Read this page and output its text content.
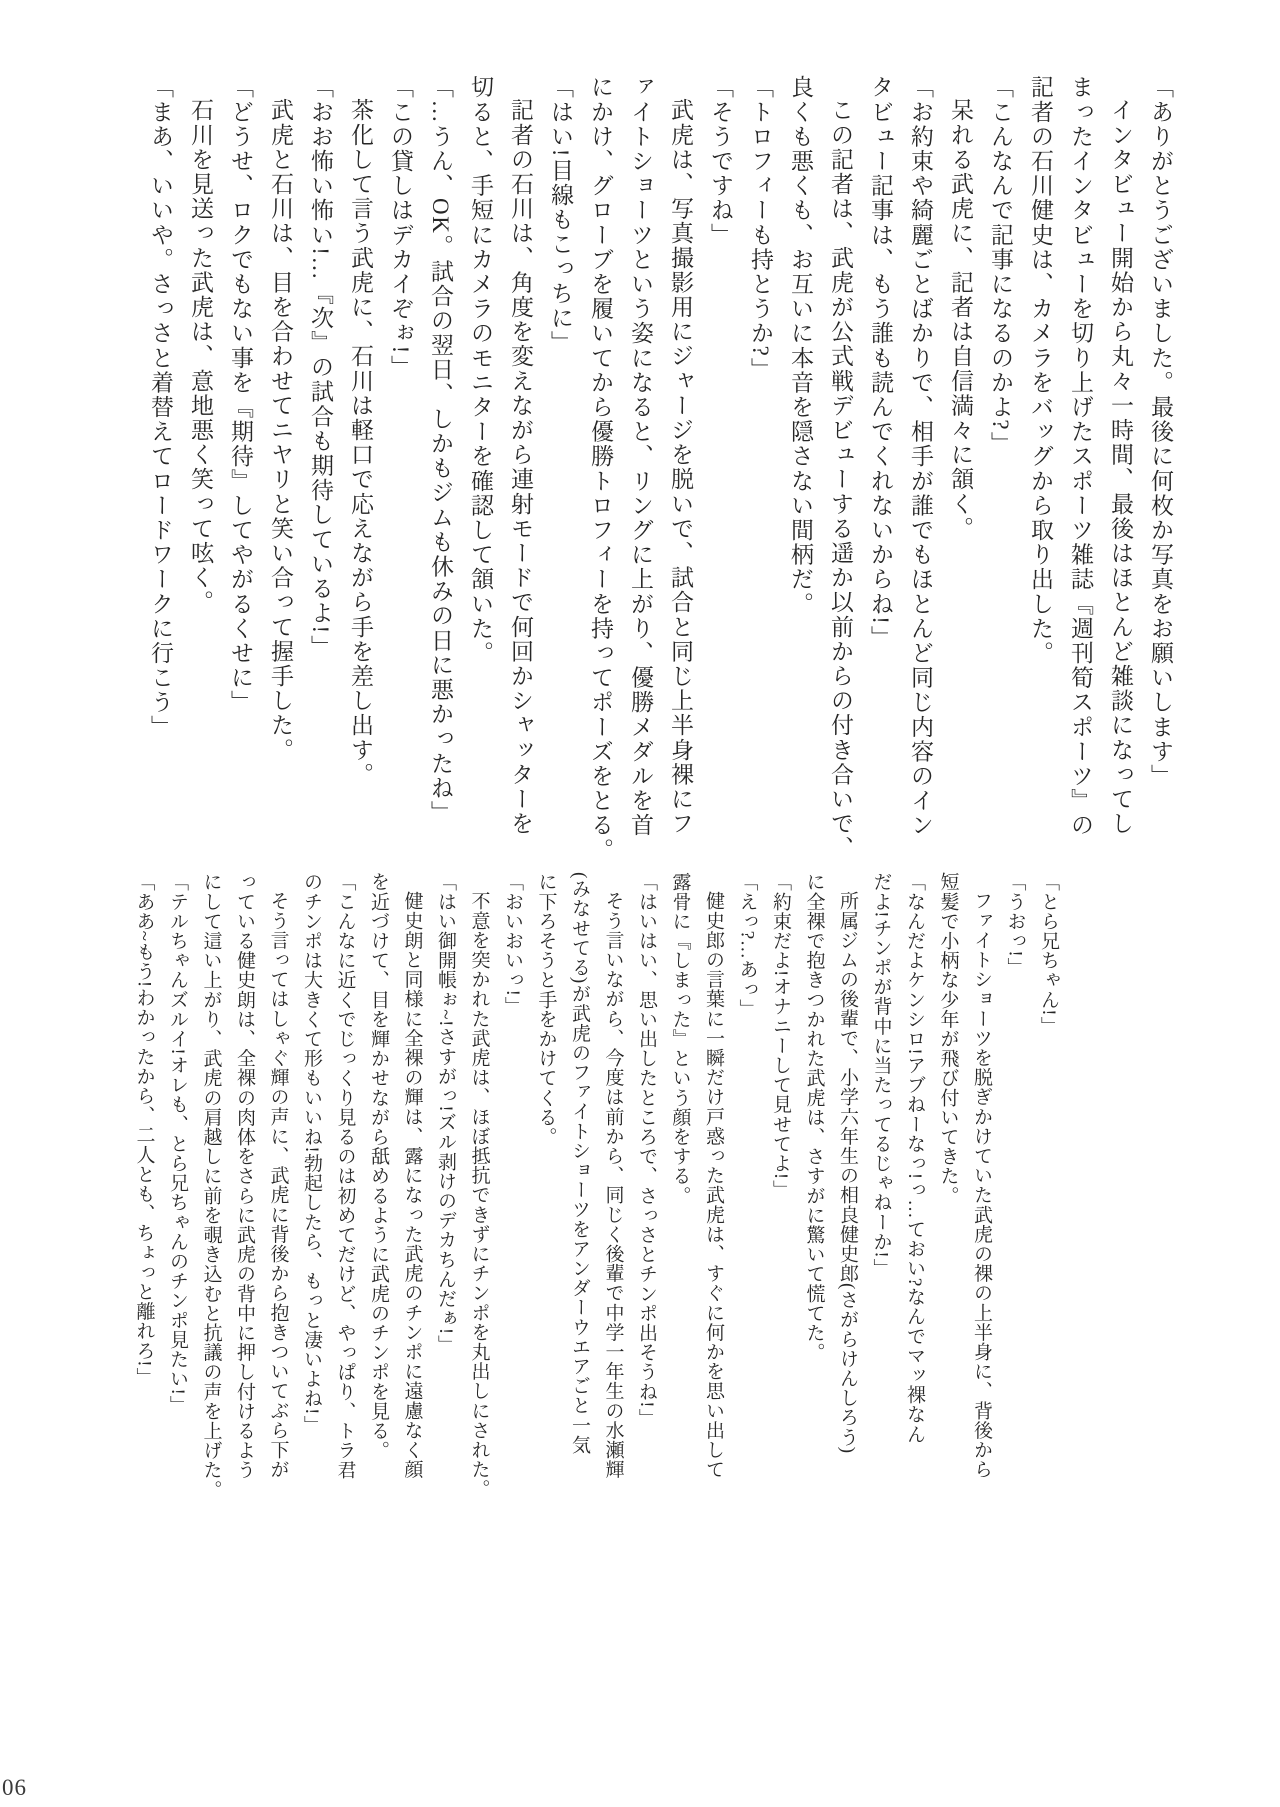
「ありがとうございました。最後に何枚か写真をお願いします」

インタビュー開始から丸々一時間、最後はほとんど雑談になってし
まったインタビューを切り上げたスポーツ雑誌『週刊筍スポーツ』の
記者の石川健史は、カメラをバッグから取り出した。

「こんなんで記事になるのかよ?」

呆れる武虎に、記者は自信満々に頷く。

「お約束や綺麗ごとばかりで、相手が誰でもほとんど同じ内容のイン
タビュー記事は、もう誰も読んでくれないからね!」

この記者は、武虎が公式戦デビューする遥か以前からの付き合いで、
良くも悪くも、お互いに本音を隠さない間柄だ。

「トロフィーも持とうか?」

「そうですね」

武虎は、写真撮影用にジャージを脱いで、試合と同じ上半身裸にフ
ァイトショーツという姿になると、リングに上がり、優勝メダルを首
にかけ、グローブを履いてから優勝トロフィーを持ってポーズをとる。

「はい!目線もこっちに」

記者の石川は、角度を変えながら連射モードで何回かシャッターを
切ると、手短にカメラのモニターを確認して頷いた。

「…うん、OK。試合の翌日、しかもジムも休みの日に悪かったね」

「この貸しはデカイぞぉ!」

茶化して言う武虎に、石川は軽口で応えながら手を差し出す。

「おお怖い怖い!…『次』の試合も期待しているよ!」

武虎と石川は、目を合わせてニヤリと笑い合って握手した。

「どうせ、ロクでもない事を『期待』してやがるくせに」

石川を見送った武虎は、意地悪く笑って呟く。

「まあ、いいや。さっさと着替えてロードワークに行こう」

「とら兄ちゃん!」

「うおっ!」

ファイトショーツを脱ぎかけていた武虎の裸の上半身に、背後から
短髪で小柄な少年が飛び付いてきた。

「なんだよケンシロ!アブねーなっ!っ…ておい?なんでマッ裸なん
だよ!チンポが背中に当たってるじゃねーか!」

所属ジムの後輩で、小学六年生の相良健史郎(さがらけんしろう)
に全裸で抱きつかれた武虎は、さすがに驚いて慌てた。

「約束だよ!オナニーして見せてよ!」

「えっ?…あっ」

健史郎の言葉に一瞬だけ戸惑った武虎は、すぐに何かを思い出して
露骨に『しまった』という顔をする。

「はいはい、思い出したところで、さっさとチンポ出そうね!」

そう言いながら、今度は前から、同じく後輩で中学一年生の水瀬輝
(みなせてる)が武虎のファイトショーツをアンダーウエアごと一気
に下ろそうと手をかけてくる。

「おいおいっ!」

不意を突かれた武虎は、ほぼ抵抗できずにチンポを丸出しにされた。

「はい御開帳ぉ~!さすがっ!ズル剥けのデカちんだぁ!」

健史朗と同様に全裸の輝は、露になった武虎のチンポに遠慮なく顔
を近づけて、目を輝かせながら舐めるように武虎のチンポを見る。

「こんなに近くでじっくり見るのは初めてだけど、やっぱり、トラ君
のチンポは大きくて形もいいね!勃起したら、もっと凄いよね!」

そう言ってはしゃぐ輝の声に、武虎に背後から抱きついてぶら下が
っている健史朗は、全裸の肉体をさらに武虎の背中に押し付けるよう
にして這い上がり、武虎の肩越しに前を覗き込むと抗議の声を上げた。

「テルちゃんズルイ!オレも、とら兄ちゃんのチンポ見たい!」

「ああ~もう!わかったから、二人とも、ちょっと離れろ!」

06
